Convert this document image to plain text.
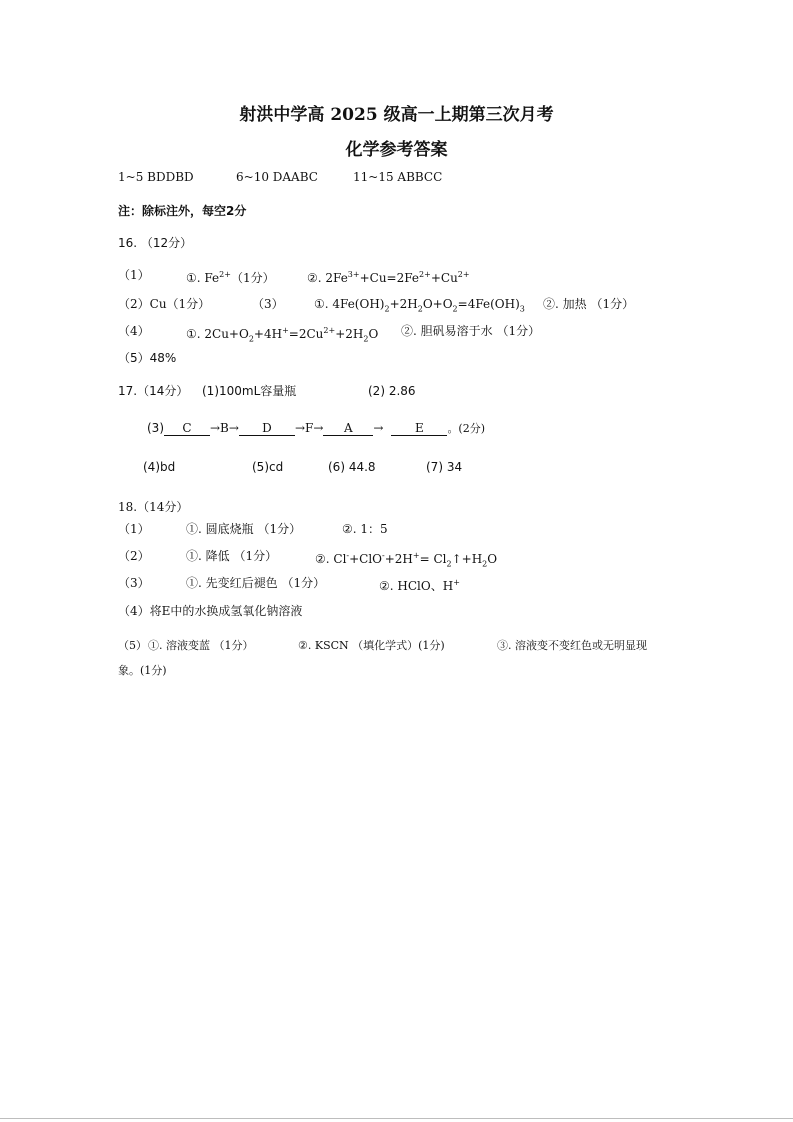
射洪中学高 2025 级高一上期第三次月考
化学参考答案
1~5 BDDBD	6~10 DAABC	11~15 ABBCC
注：除标注外，每空2分
16. （12分）
（1）	①. $Fe^{2+}(1$分）	②. $2Fe^{3+}+Cu=2Fe^{2+}+Cu^{2+}$
（2）Cu（1分）	（3）	①. $4Fe(OH)_2+2H_2O+O_2=4Fe(OH)_3$ ②. 加热 （1分）
（4）	①. $2Cu+O_2+4H^+=2Cu^{2+}+2H_2O$ ②. 胆矾易溶于水 （1分）
（5）48%
17.（14分） (1)100mL容量瓶	(2) 2.86
(3) C →B→ D →F→ A →	E 。(2分)
(4)bd	(5)cd	(6) 44.8	(7) 34
18.（14分）
（1）	①. 圆底烧瓶 （1分）	②. 1：5
（2）	①. 降低 （1分）	②. $Cl^-+ClO^-+2H^+= Cl_2↑+H_2O$
（3）	①. 先变红后褪色 （1分）	②. HClO、H+
（4）将E中的水换成氢氧化钠溶液
（5） ①. 溶液变蓝 （1分）	②. KSCN （填化学式）(1分)	③. 溶液变不变红色或无明显现
象。(1分)
